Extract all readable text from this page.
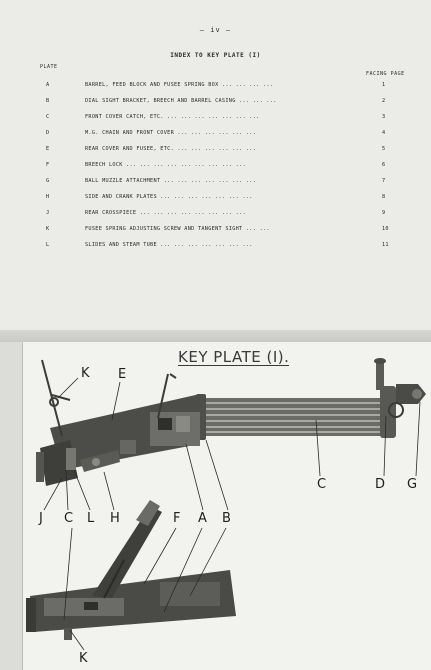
— iv —
INDEX TO KEY PLATE (I)
PLATE
FACING PAGE
A	BARREL, FEED BLOCK AND FUSEE SPRING BOX ... ... ... ...	1
B	DIAL SIGHT BRACKET, BREECH AND BARREL CASING ... ... ...	2
C	FRONT COVER CATCH, ETC. ... ... ... ... ... ... ...	3
D	M.G. CHAIN AND FRONT COVER ... ... ... ... ... ...	4
E	REAR COVER AND FUSEE, ETC. ... ... ... ... ... ...	5
F	BREECH LOCK ... ... ... ... ... ... ... ... ...	6
G	BALL MUZZLE ATTACHMENT ... ... ... ... ... ... ...	7
H	SIDE AND CRANK PLATES ... ... ... ... ... ... ...	8
J	REAR CROSSPIECE ... ... ... ... ... ... ... ...	9
K	FUSEE SPRING ADJUSTING SCREW AND TANGENT SIGHT ... ...	10
L	SLIDES AND STEAM TUBE ... ... ... ... ... ... ...	11
KEY PLATE (I).
K E
C	D G
J C L H	F A B
K
